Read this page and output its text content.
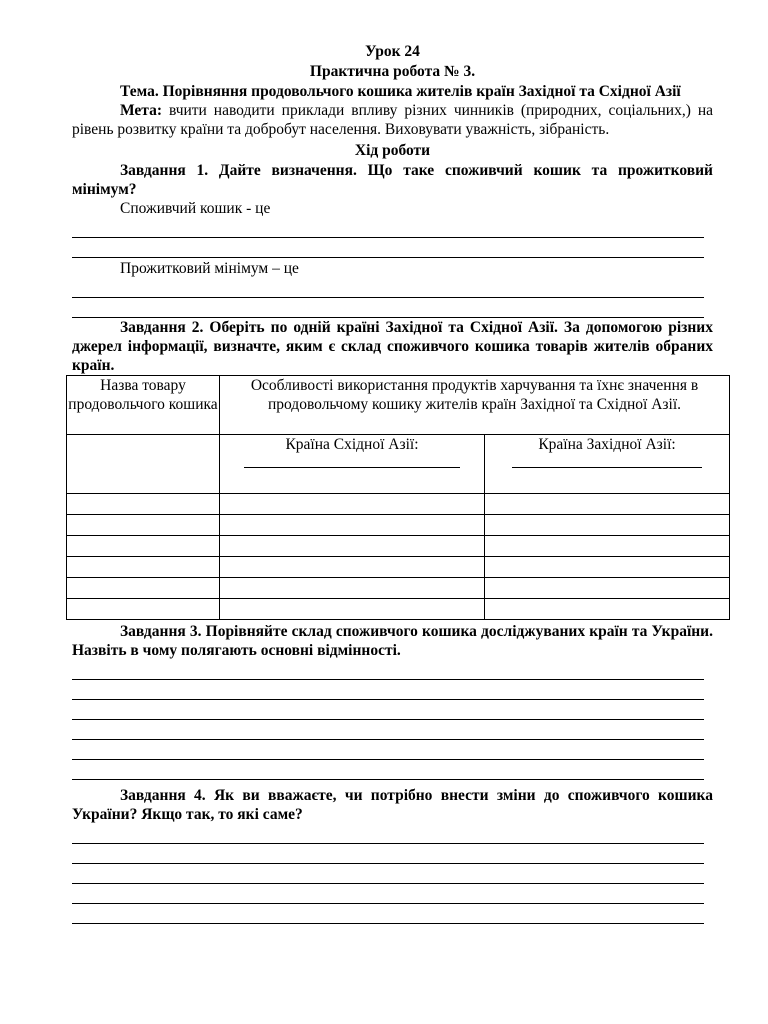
Урок 24
Практична робота № 3.

Тема. Порівняння продовольчого кошика жителів країн Західної та Східної Азії

Мета: вчити наводити приклади впливу різних чинників (природних, соціальних,) на рівень розвитку країни та добробут населення. Виховувати уважність, зібраність.

Хід роботи

Завдання 1. Дайте визначення. Що таке споживчий кошик та прожитковий мінімум?

Споживчий кошик - це
Прожитковий мінімум – це

Завдання 2. Оберіть по одній країні Західної та Східної Азії. За допомогою різних джерел інформації, визначте, яким є склад споживчого кошика товарів жителів обраних країн.

Назва товару продовольчого кошика	Особливості використання продуктів харчування та їхнє значення в продовольчому кошику жителів країн Західної та Східної Азії.	

	Країна Східної Азії:	Країна Західної Азії:

Завдання 3. Порівняйте склад споживчого кошика досліджуваних країн та України. Назвіть в чому полягають основні відмінності.

Завдання 4. Як ви вважаєте, чи потрібно внести зміни до споживчого кошика України? Якщо так, то які саме?
